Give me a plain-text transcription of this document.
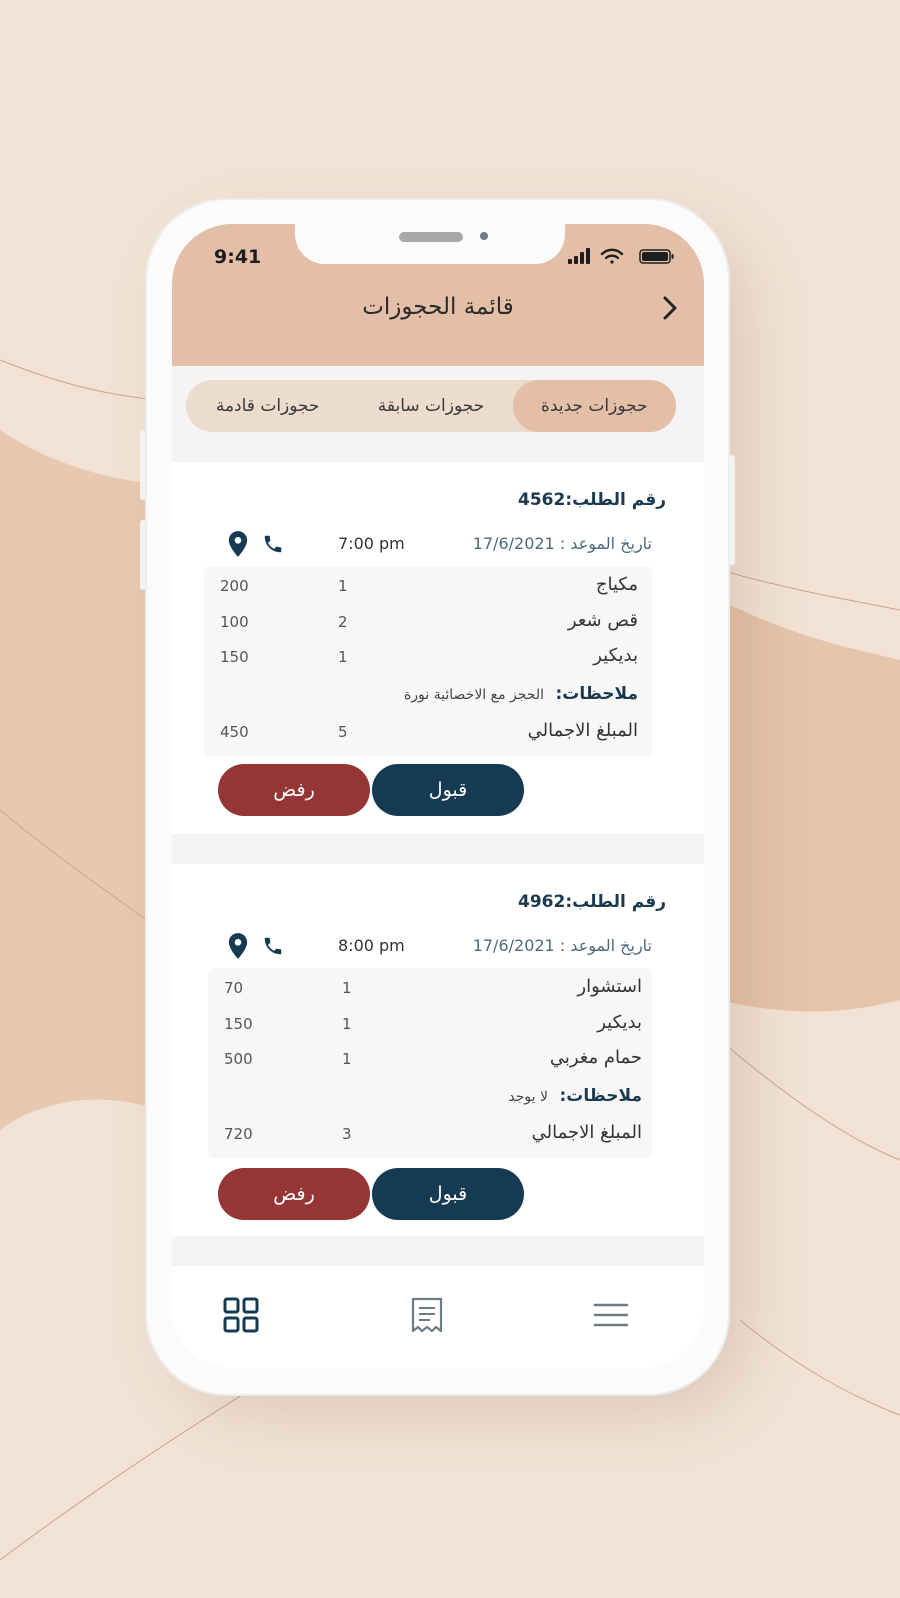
9:41
قائمة الحجوزات
حجوزات جديدة
حجوزات سابقة
حجوزات قادمة
رقم الطلب:4562
تاريخ الموعد : 17/6/2021
7:00 pm
مكياج
1
200
قص شعر
2
100
بديكير
1
150
ملاحظات:
الحجز مع الاخصائية نورة
المبلغ الاجمالي
5
450
قبول
رفض
رقم الطلب:4962
تاريخ الموعد : 17/6/2021
8:00 pm
استشوار
1
70
بديكير
1
150
حمام مغربي
1
500
ملاحظات:
لا يوجد
المبلغ الاجمالي
3
720
قبول
رفض
